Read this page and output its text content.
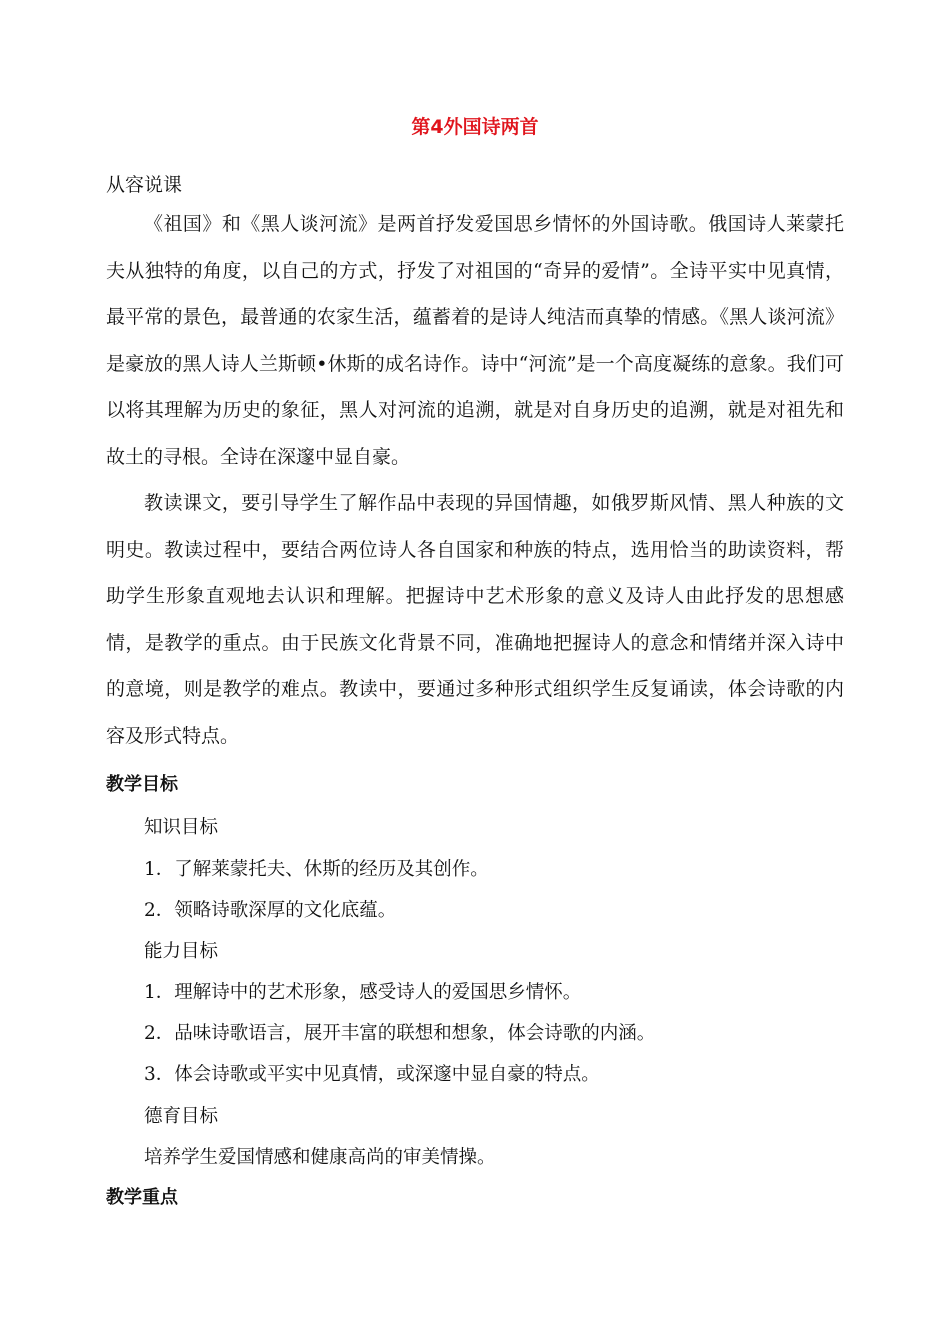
第4外国诗两首
从容说课

《祖国》和《黑人谈河流》是两首抒发爱国思乡情怀的外国诗歌。俄国诗人莱蒙托夫从独特的角度，以自己的方式，抒发了对祖国的“奇异的爱情”。全诗平实中见真情，最平常的景色，最普通的农家生活，蕴蓄着的是诗人纯洁而真挚的情感。《黑人谈河流》是豪放的黑人诗人兰斯顿•休斯的成名诗作。诗中“河流”是一个高度凝练的意象。我们可以将其理解为历史的象征，黑人对河流的追溯，就是对自身历史的追溯，就是对祖先和故土的寻根。全诗在深邃中显自豪。

教读课文，要引导学生了解作品中表现的异国情趣，如俄罗斯风情、黑人种族的文明史。教读过程中，要结合两位诗人各自国家和种族的特点，选用恰当的助读资料，帮助学生形象直观地去认识和理解。把握诗中艺术形象的意义及诗人由此抒发的思想感情，是教学的重点。由于民族文化背景不同，准确地把握诗人的意念和情绪并深入诗中的意境，则是教学的难点。教读中，要通过多种形式组织学生反复诵读，体会诗歌的内容及形式特点。

教学目标
知识目标
1．了解莱蒙托夫、休斯的经历及其创作。
2．领略诗歌深厚的文化底蕴。
能力目标
1．理解诗中的艺术形象，感受诗人的爱国思乡情怀。
2．品味诗歌语言，展开丰富的联想和想象，体会诗歌的内涵。
3．体会诗歌或平实中见真情，或深邃中显自豪的特点。
德育目标
培养学生爱国情感和健康高尚的审美情操。
教学重点
